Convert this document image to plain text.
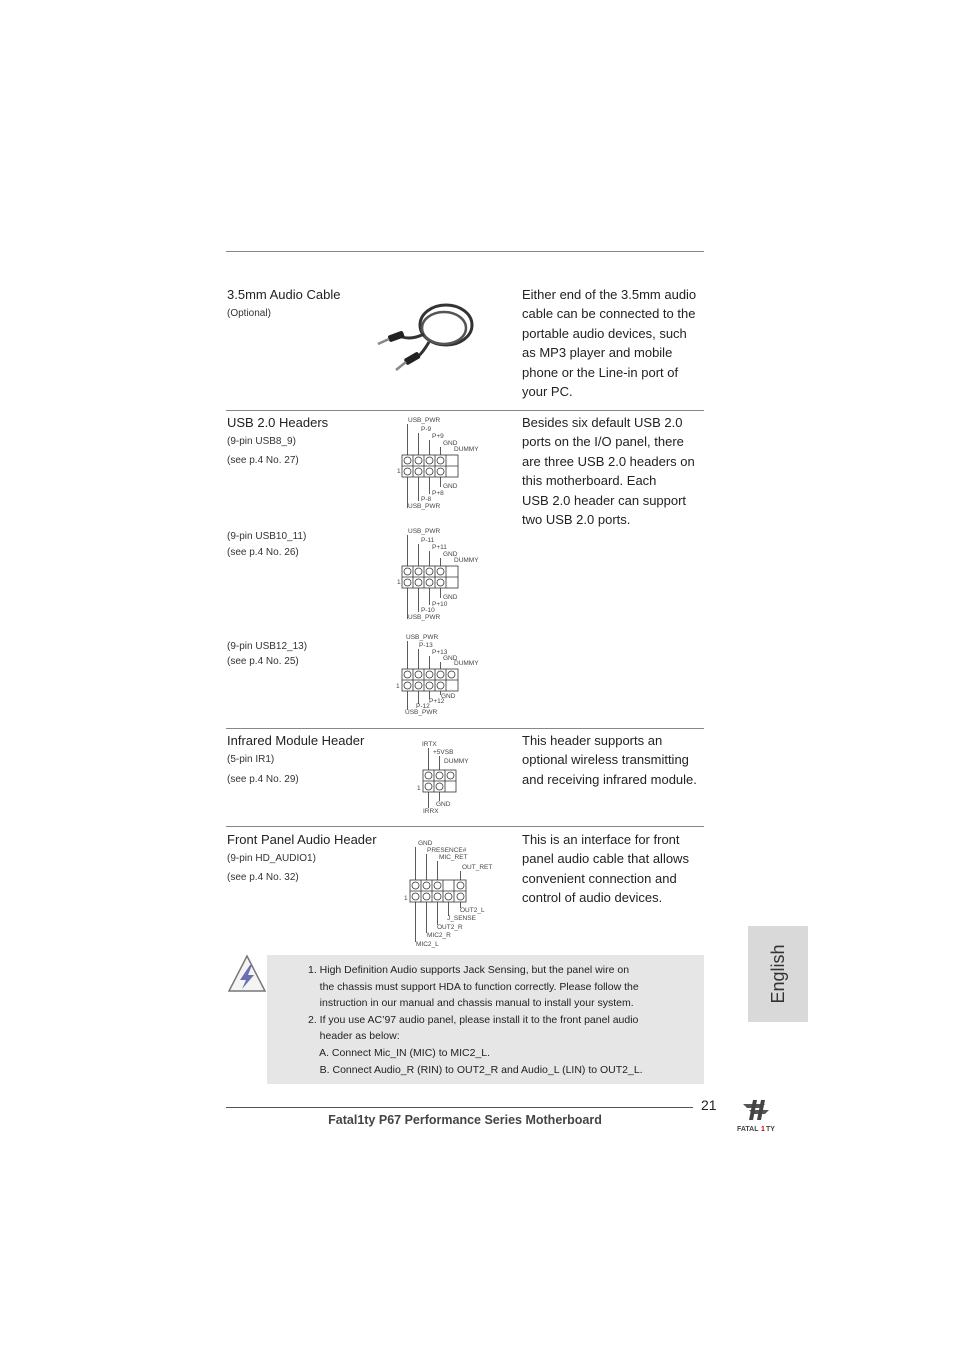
3.5mm Audio Cable
(Optional)
Either end of the 3.5mm audio
cable can be connected to the
portable audio devices, such
as MP3 player and mobile
phone or the Line-in port of
your PC.
USB 2.0 Headers
(9-pin USB8_9)
(see p.4 No. 27)
(9-pin USB10_11)
(see p.4 No. 26)
(9-pin USB12_13)
(see p.4 No. 25)
USB_PWR
P-9
P+9
GND
DUMMY
1
GND
P+8
P-8
USB_PWR
USB_PWR
P-11
P+11
GND
DUMMY
1
GND
P+10
P-10
USB_PWR
USB_PWR
P-13
P+13
GND
DUMMY
1
GND
P+12
P-12
USB_PWR
Besides six default USB 2.0
ports on the I/O panel, there
are three USB 2.0 headers on
this motherboard. Each
USB 2.0 header can support
two USB 2.0 ports.
Infrared Module Header
(5-pin IR1)
(see p.4 No. 29)
IRTX
+5VSB
DUMMY
1
GND
IRRX
This header supports an
optional wireless transmitting
and receiving infrared module.
Front Panel Audio Header
(9-pin HD_AUDIO1)
(see p.4 No. 32)
GND
PRESENCE#
MIC_RET
OUT_RET
1
OUT2_L
J_SENSE
OUT2_R
MIC2_R
MIC2_L
This is an interface for front
panel audio cable that allows
convenient connection and
control of audio devices.
1. High Definition Audio supports Jack Sensing, but the panel wire on
the chassis must support HDA to function correctly. Please follow the
instruction in our manual and chassis manual to install your system.
2. If you use AC’97 audio panel, please install it to the front panel audio
header as below:
A. Connect Mic_IN (MIC) to MIC2_L.
B. Connect Audio_R (RIN) to OUT2_R and Audio_L (LIN) to OUT2_L.
English
21
Fatal1ty P67 Performance Series Motherboard
FATAL 1 TY
